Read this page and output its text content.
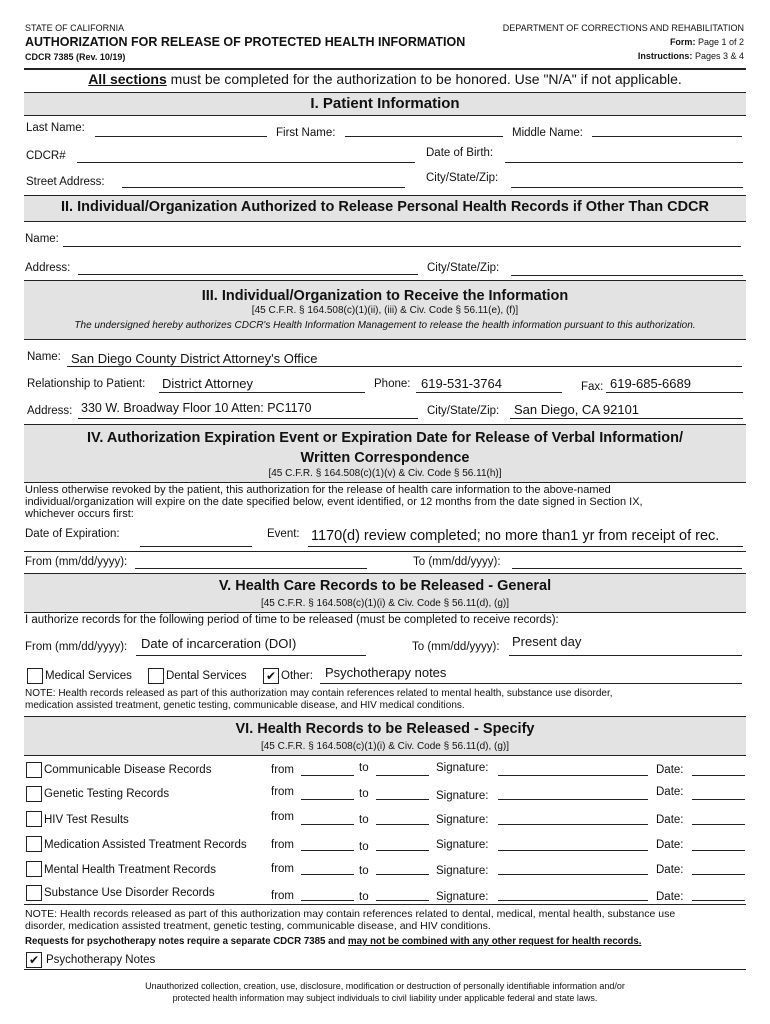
STATE OF CALIFORNIA
AUTHORIZATION FOR RELEASE OF PROTECTED HEALTH INFORMATION
CDCR 7385 (Rev. 10/19)
DEPARTMENT OF CORRECTIONS AND REHABILITATION
Form: Page 1 of 2
Instructions: Pages 3 & 4
All sections must be completed for the authorization to be honored. Use "N/A" if not applicable.
I. Patient Information
Last Name:	First Name:	Middle Name:
CDCR#	Date of Birth:
Street Address:	City/State/Zip:
II. Individual/Organization Authorized to Release Personal Health Records if Other Than CDCR
Name:
Address:	City/State/Zip:
III. Individual/Organization to Receive the Information
[45 C.F.R. § 164.508(c)(1)(ii), (iii) & Civ. Code § 56.11(e), (f)]
The undersigned hereby authorizes CDCR's Health Information Management to release the health information pursuant to this authorization.
Name: San Diego County District Attorney's Office
Relationship to Patient: District Attorney	Phone: 619-531-3764	Fax: 619-685-6689
Address: 330 W. Broadway Floor 10 Atten: PC1170	City/State/Zip: San Diego, CA 92101
IV. Authorization Expiration Event or Expiration Date for Release of Verbal Information/
Written Correspondence
[45 C.F.R. § 164.508(c)(1)(v) & Civ. Code § 56.11(h)]
Unless otherwise revoked by the patient, this authorization for the release of health care information to the above-named
individual/organization will expire on the date specified below, event identified, or 12 months from the date signed in Section IX,
whichever occurs first:
Date of Expiration:	Event: 1170(d) review completed; no more than1 yr from receipt of rec.
From (mm/dd/yyyy):	To (mm/dd/yyyy):
V. Health Care Records to be Released - General
[45 C.F.R. § 164.508(c)(1)(i) & Civ. Code § 56.11(d), (g)]
I authorize records for the following period of time to be released (must be completed to receive records):
From (mm/dd/yyyy): Date of incarceration (DOI)	To (mm/dd/yyyy): Present day
Medical Services	Dental Services ✔ Other: Psychotherapy notes
NOTE: Health records released as part of this authorization may contain references related to mental health, substance use disorder,
medication assisted treatment, genetic testing, communicable disease, and HIV medical conditions.
VI. Health Records to be Released - Specify
[45 C.F.R. § 164.508(c)(1)(i) & Civ. Code § 56.11(d), (g)]
Communicable Disease Records	from	to	Signature:	Date:
Genetic Testing Records	from	to	Signature:	Date:
HIV Test Results	from	to	Signature:	Date:
Medication Assisted Treatment Records from	to	Signature:	Date:
Mental Health Treatment Records	from	to	Signature:	Date:
Substance Use Disorder Records	from	to	Signature:	Date:
NOTE: Health records released as part of this authorization may contain references related to dental, medical, mental health, substance use
disorder, medication assisted treatment, genetic testing, communicable disease, and HIV conditions.
Requests for psychotherapy notes require a separate CDCR 7385 and may not be combined with any other request for health records.
✔ Psychotherapy Notes
Unauthorized collection, creation, use, disclosure, modification or destruction of personally identifiable information and/or
protected health information may subject individuals to civil liability under applicable federal and state laws.
